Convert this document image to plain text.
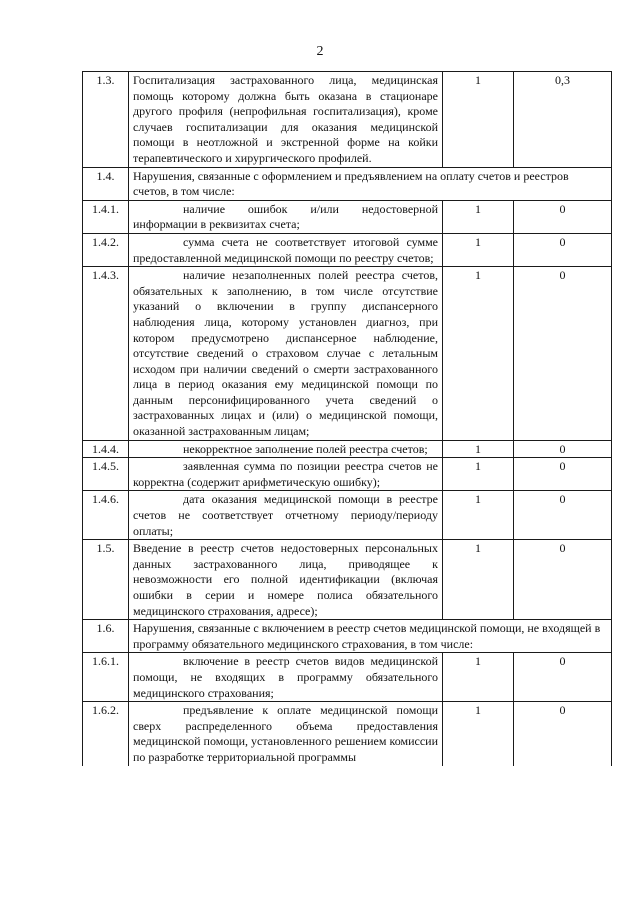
2
1.3.	Госпитализация застрахованного лица, медицинская помощь которому должна быть оказана в стационаре другого профиля (непрофильная госпитализация), кроме случаев госпитализации для оказания медицинской помощи в неотложной и экстренной форме на койки терапевтического и хирургического профилей.	1	0,3
1.4.	Нарушения, связанные с оформлением и предъявлением на оплату счетов и реестров счетов, в том числе:		
1.4.1.	наличие ошибок и/или недостоверной информации в реквизитах счета;	1	0
1.4.2.	сумма счета не соответствует итоговой сумме предоставленной медицинской помощи по реестру счетов;	1	0
1.4.3.	наличие незаполненных полей реестра счетов, обязательных к заполнению, в том числе отсутствие указаний о включении в группу диспансерного наблюдения лица, которому установлен диагноз, при котором предусмотрено диспансерное наблюдение, отсутствие сведений о страховом случае с летальным исходом при наличии сведений о смерти застрахованного лица в период оказания ему медицинской помощи по данным персонифицированного учета сведений о застрахованных лицах и (или) о медицинской помощи, оказанной застрахованным лицам;	1	0
1.4.4.	некорректное заполнение полей реестра счетов;	1	0
1.4.5.	заявленная сумма по позиции реестра счетов не корректна (содержит арифметическую ошибку);	1	0
1.4.6.	дата оказания медицинской помощи в реестре счетов не соответствует отчетному периоду/периоду оплаты;	1	0
1.5.	Введение в реестр счетов недостоверных персональных данных застрахованного лица, приводящее к невозможности его полной идентификации (включая ошибки в серии и номере полиса обязательного медицинского страхования, адресе);	1	0
1.6.	Нарушения, связанные с включением в реестр счетов медицинской помощи, не входящей в программу обязательного медицинского страхования, в том числе:		
1.6.1.	включение в реестр счетов видов медицинской помощи, не входящих в программу обязательного медицинского страхования;	1	0
1.6.2.	предъявление к оплате медицинской помощи сверх распределенного объема предоставления медицинской помощи, установленного решением комиссии по разработке территориальной программы	1	0
